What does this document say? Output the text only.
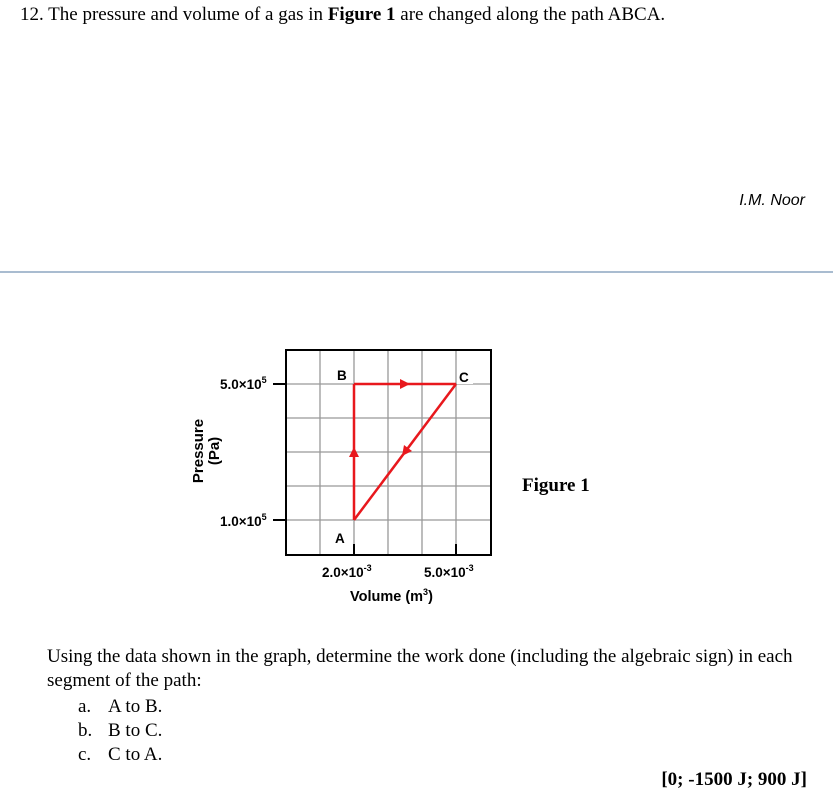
12. The pressure and volume of a gas in Figure 1 are changed along the path ABCA.
I.M. Noor
$5.0\times 10^5$
$1.0\times 10^5$
$2.0\times 10^{-3}$	$5.0\times 10^{-3}$
Volume $(m^3)$
Pressure (Pa)
B	C
A
Figure 1
Using the data shown in the graph, determine the work done (including the algebraic sign) in each segment of the path:
a. A to B.
b. B to C.
c. C to A.
[0; -1500 J; 900 J]
